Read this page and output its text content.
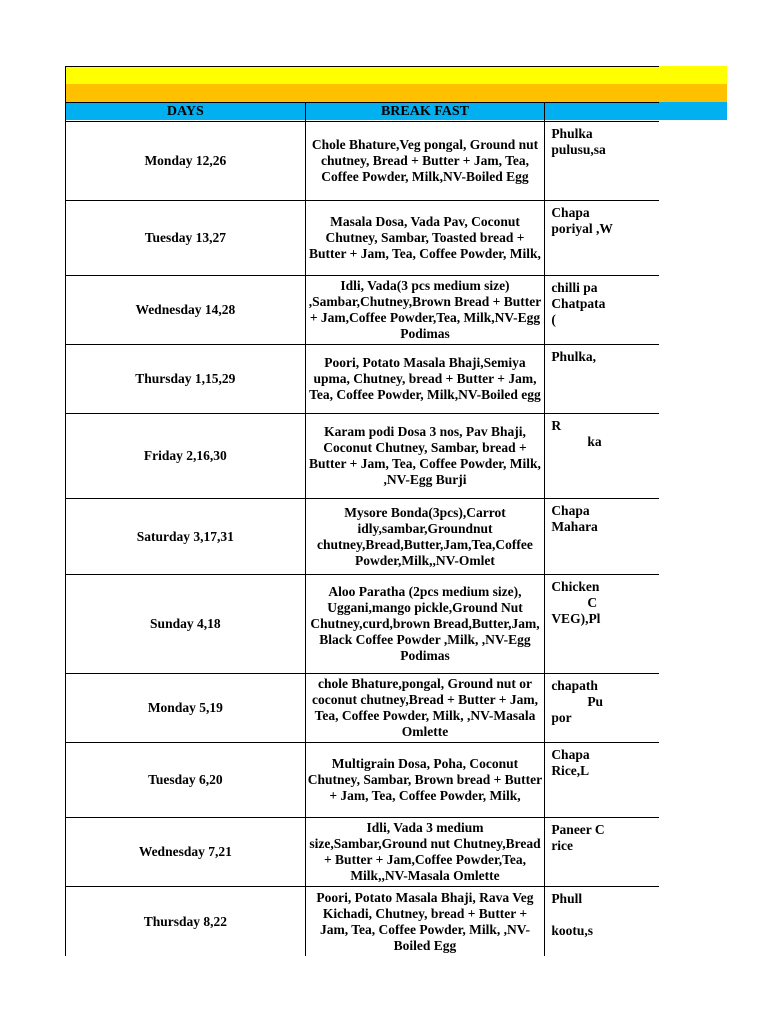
DAYS	BREAK FAST	
Monday 12,26	Chole Bhature,Veg pongal, Ground nut chutney, Bread + Butter + Jam, Tea, Coffee Powder, Milk,NV-Boiled Egg	Phulka
pulusu,sa

Tuesday 13,27	Masala Dosa, Vada Pav, Coconut Chutney, Sambar, Toasted bread + Butter + Jam, Tea, Coffee Powder, Milk,	Chapa
poriyal ,W

Wednesday 14,28	Idli, Vada(3 pcs medium size) ,Sambar,Chutney,Brown Bread + Butter + Jam,Coffee Powder,Tea, Milk,NV-Egg Podimas	chilli pa
Chatpata
(

Thursday 1,15,29	Poori, Potato Masala Bhaji,Semiya upma, Chutney, bread + Butter + Jam, Tea, Coffee Powder, Milk,NV-Boiled egg	Phulka,

Friday 2,16,30	Karam podi Dosa 3 nos, Pav Bhaji, Coconut Chutney, Sambar, bread + Butter + Jam, Tea, Coffee Powder, Milk, ,NV-Egg Burji	R
ka

Saturday 3,17,31	Mysore Bonda(3pcs),Carrot idly,sambar,Groundnut chutney,Bread,Butter,Jam,Tea,Coffee Powder,Milk,,NV-Omlet	Chapa
Mahara

Sunday 4,18	Aloo Paratha (2pcs medium size), Uggani,mango pickle,Ground Nut Chutney,curd,brown Bread,Butter,Jam, Black Coffee Powder ,Milk, ,NV-Egg Podimas	Chicken
C
VEG),Pl

Monday 5,19	chole Bhature,pongal, Ground nut or coconut chutney,Bread + Butter + Jam, Tea, Coffee Powder, Milk, ,NV-Masala Omlette	chapath
Pu
por

Tuesday 6,20	Multigrain Dosa, Poha, Coconut Chutney, Sambar, Brown bread + Butter + Jam, Tea, Coffee Powder, Milk,	Chapa
Rice,L

Wednesday 7,21	Idli, Vada 3 medium size,Sambar,Ground nut Chutney,Bread + Butter + Jam,Coffee Powder,Tea, Milk,,NV-Masala Omlette	Paneer C
rice

Thursday 8,22	Poori, Potato Masala Bhaji, Rava Veg Kichadi, Chutney, bread + Butter + Jam, Tea, Coffee Powder, Milk, ,NV-Boiled Egg	Phull
kootu,s
